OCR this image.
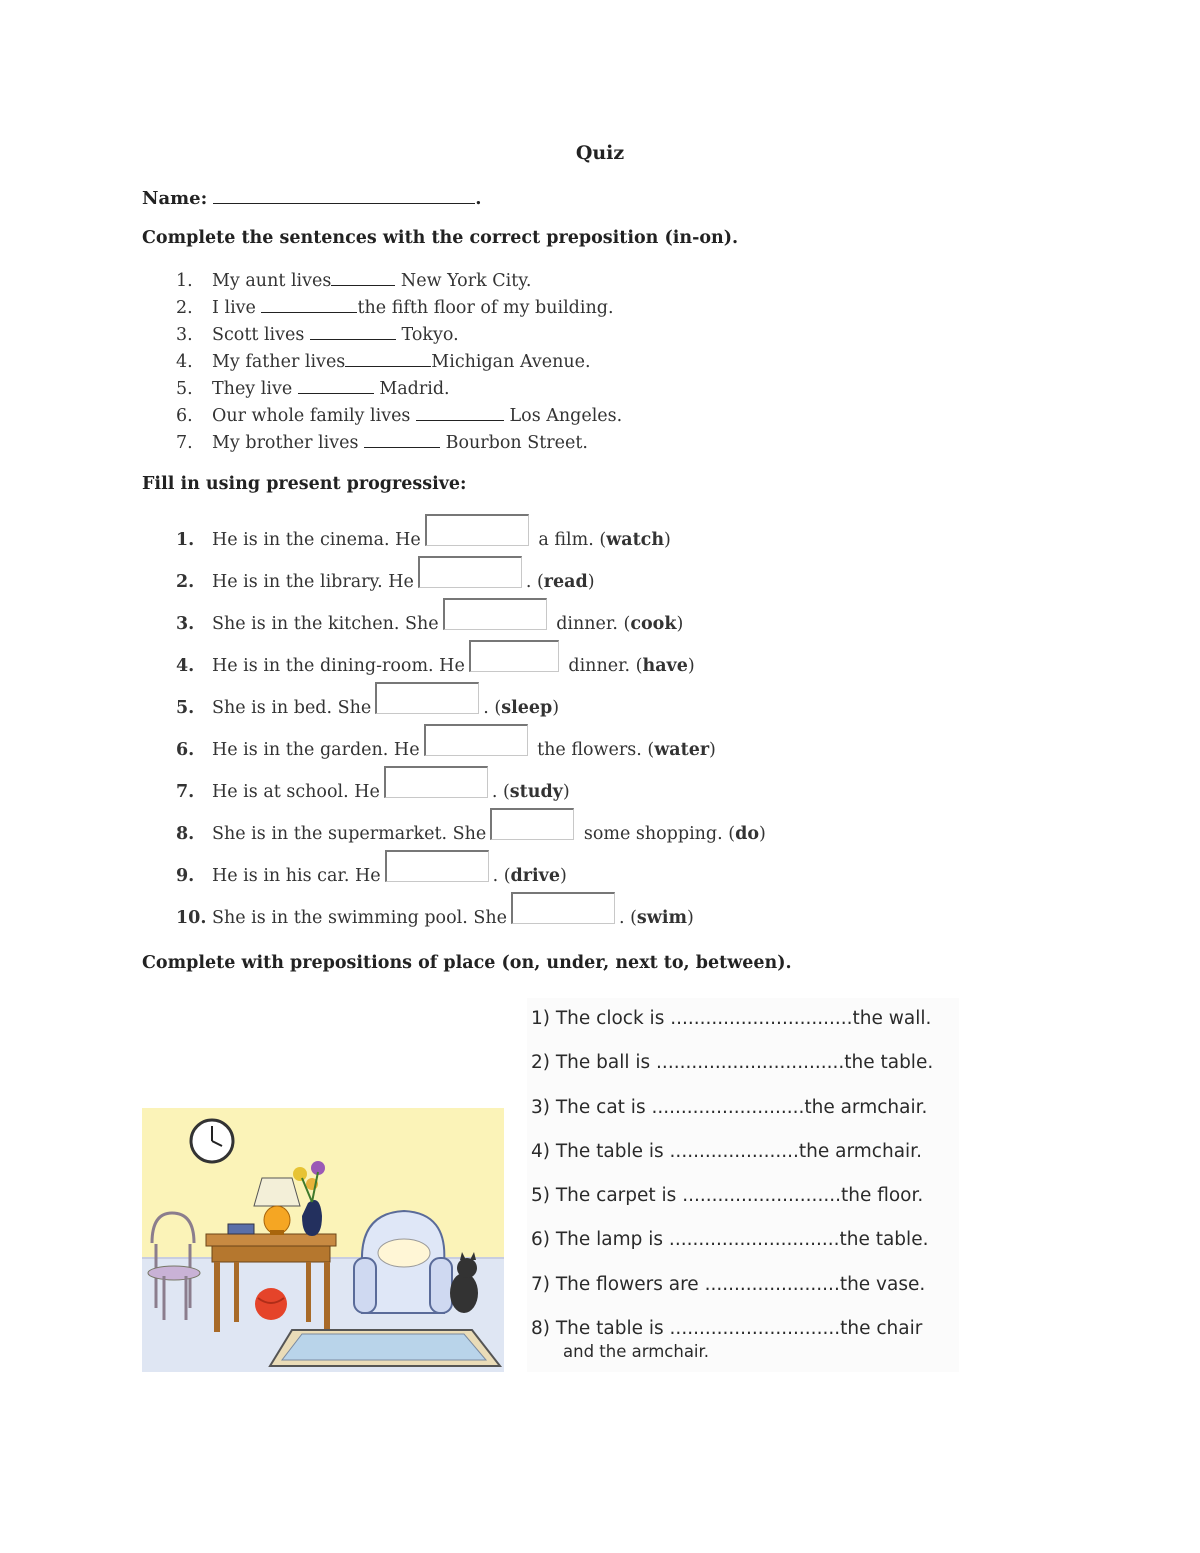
Quiz
Name:	.
Complete the sentences with the correct preposition (in-on).
1. My aunt lives	New York City.
2. I live	the fifth floor of my building.
3. Scott lives	Tokyo.
4. My father lives	Michigan Avenue.
5. They live	Madrid.
6. Our whole family lives	Los Angeles.
7. My brother lives	Bourbon Street.
Fill in using present progressive:
1. He is in the cinema. He	a film. (watch)
2. He is in the library. He	. (read)
3. She is in the kitchen. She	dinner. (cook)
4. He is in the dining-room. He	dinner. (have)
5. She is in bed. She	. (sleep)
6. He is in the garden. He	the flowers. (water)
7. He is at school. He	. (study)
8. She is in the supermarket. She	some shopping. (do)
9. He is in his car. He	. (drive)
10. She is in the swimming pool. She	. (swim)
Complete with prepositions of place (on, under, next to, between).
1) The clock is ...............................the wall.
2) The ball is ................................the table.
3) The cat is ..........................the armchair.
4) The table is ......................the armchair.
5) The carpet is ...........................the floor.
6) The lamp is .............................the table.
7) The flowers are .......................the vase.
8) The table is .............................the chair
and the armchair.
